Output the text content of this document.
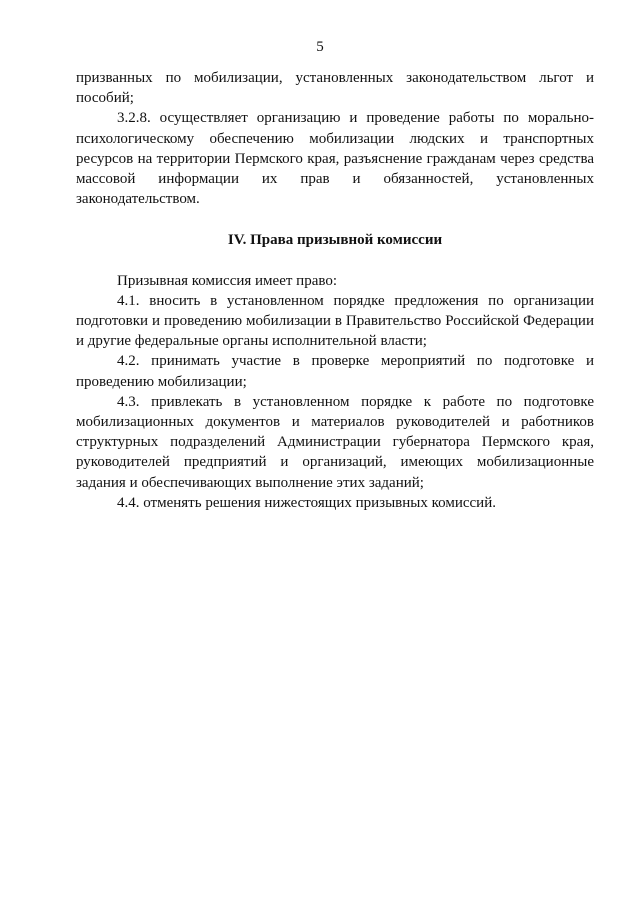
5

призванных по мобилизации, установленных законодательством льгот и пособий;

3.2.8. осуществляет организацию и проведение работы по морально-психологическому обеспечению мобилизации людских и транспортных ресурсов на территории Пермского края, разъяснение гражданам через средства массовой информации их прав и обязанностей, установленных законодательством.

IV. Права призывной комиссии

Призывная комиссия имеет право:

4.1. вносить в установленном порядке предложения по организации подготовки и проведению мобилизации в Правительство Российской Федерации и другие федеральные органы исполнительной власти;

4.2. принимать участие в проверке мероприятий по подготовке и проведению мобилизации;

4.3. привлекать в установленном порядке к работе по подготовке мобилизационных документов и материалов руководителей и работников структурных подразделений Администрации губернатора Пермского края, руководителей предприятий и организаций, имеющих мобилизационные задания и обеспечивающих выполнение этих заданий;

4.4. отменять решения нижестоящих призывных комиссий.
